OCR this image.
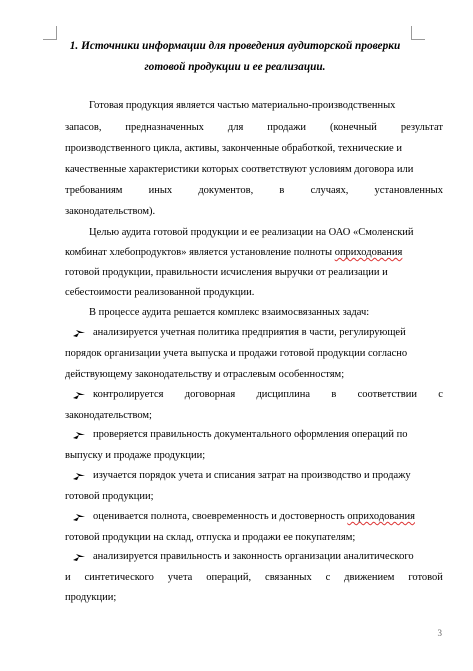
1. Источники информации для проведения аудиторской проверки
готовой продукции и ее реализации.
Готовая продукция является частью материально-производственных
запасов, предназначенных для продажи (конечный результат
производственного цикла, активы, законченные обработкой, технические и
качественные характеристики которых соответствуют условиям договора или
требованиям иных документов, в случаях, установленных
законодательством).
Целью аудита готовой продукции и ее реализации на ОАО «Смоленский
комбинат хлебопродуктов» является установление полноты оприходования
готовой продукции, правильности исчисления выручки от реализации и
себестоимости реализованной продукции.
В процессе аудита решается комплекс взаимосвязанных задач:
анализируется учетная политика предприятия в части, регулирующей
порядок организации учета выпуска и продажи готовой продукции согласно
действующему законодательству и отраслевым особенностям;
контролируется договорная дисциплина в соответствии с
законодательством;
проверяется правильность документального оформления операций по
выпуску и продаже продукции;
изучается порядок учета и списания затрат на производство и продажу
готовой продукции;
оценивается полнота, своевременность и достоверность оприходования
готовой продукции на склад, отпуска и продажи ее покупателям;
анализируется правильность и законность организации аналитического
и синтетического учета операций, связанных с движением готовой
продукции;
3
